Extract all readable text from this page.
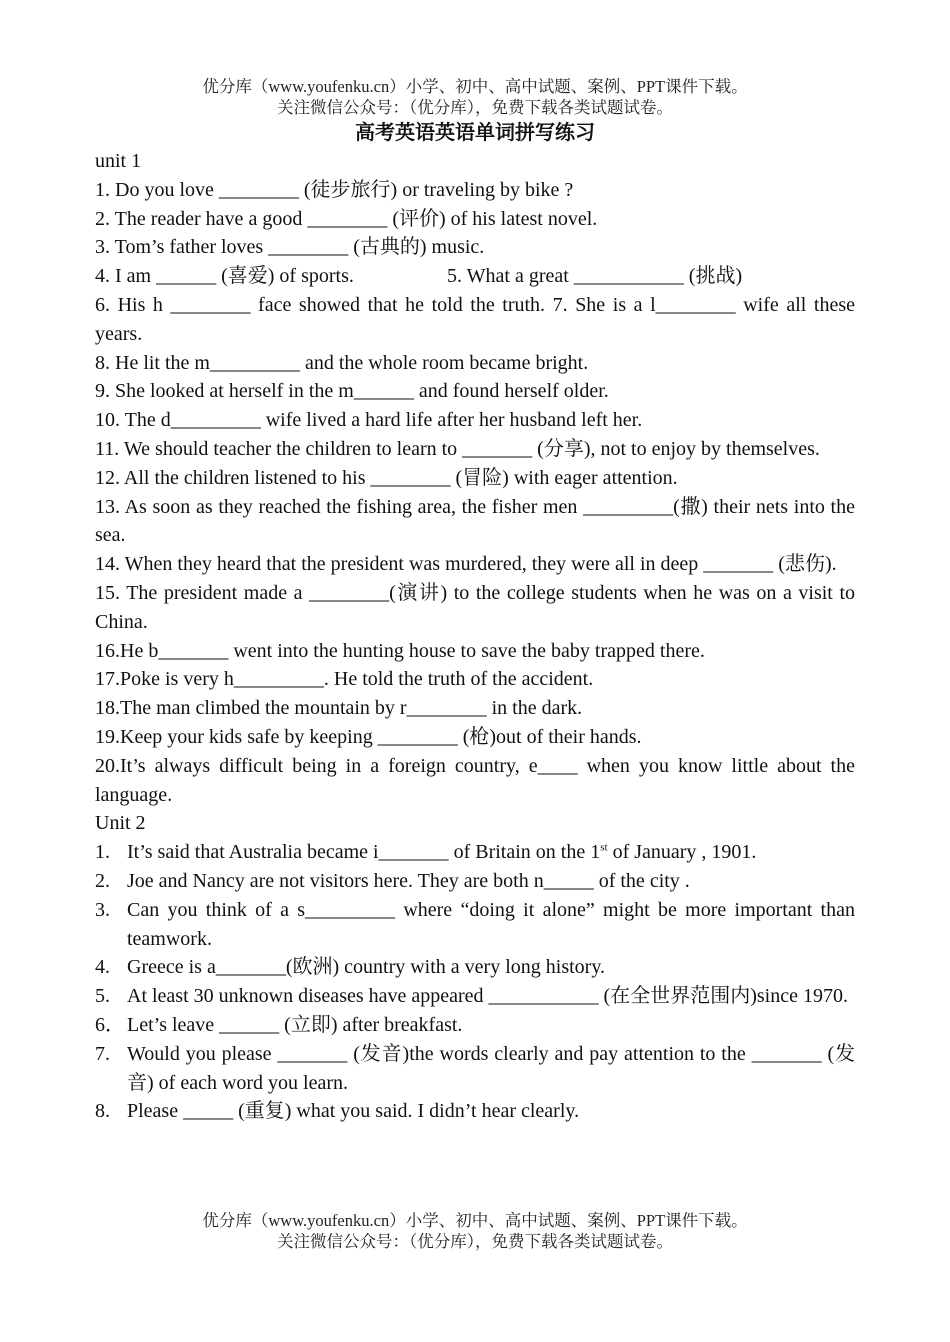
优分库（www.youfenku.cn）小学、初中、高中试题、案例、PPT课件下载。
关注微信公众号：（优分库），免费下载各类试题试卷。
高考英语英语单词拼写练习
unit 1
1. Do you love ________ (徒步旅行) or traveling by bike ?
2. The reader have a good ________ (评价) of his latest novel.
3. Tom’s father loves ________ (古典的) music.
4. I am ______ (喜爱) of sports.	5. What a great ___________ (挑战)
6. His h ________ face showed that he told the truth. 7. She is a l________ wife all these years.
8. He lit the m_________ and the whole room became bright.
9. She looked at herself in the m______ and found herself older.
10. The d_________ wife lived a hard life after her husband left her.
11. We should teacher the children to learn to _______ (分享), not to enjoy by themselves.
12. All the children listened to his ________ (冒险) with eager attention.
13. As soon as they reached the fishing area, the fisher men _________(撒) their nets into the sea.
14. When they heard that the president was murdered, they were all in deep _______ (悲伤).
15. The president made a ________(演讲) to the college students when he was on a visit to China.
16.He b_______ went into the hunting house to save the baby trapped there.
17.Poke is very h_________. He told the truth of the accident.
18.The man climbed the mountain by r________ in the dark.
19.Keep your kids safe by keeping ________ (枪)out of their hands.
20.It’s always difficult being in a foreign country, e____ when you know little about the language.
Unit 2
1. It’s said that Australia became i_______ of Britain on the 1st of January , 1901.
2. Joe and Nancy are not visitors here. They are both n_____ of the city .
3. Can you think of a s_________ where “doing it alone” might be more important than teamwork.
4. Greece is a_______(欧洲) country with a very long history.
5. At least 30 unknown diseases have appeared ___________ (在全世界范围内)since 1970.
6． Let’s leave ______ (立即) after breakfast.
7. Would you please _______ (发音)the words clearly and pay attention to the _______ (发音) of each word you learn.
8. Please _____ (重复) what you said. I didn’t hear clearly.
优分库（www.youfenku.cn）小学、初中、高中试题、案例、PPT课件下载。
关注微信公众号：（优分库），免费下载各类试题试卷。
